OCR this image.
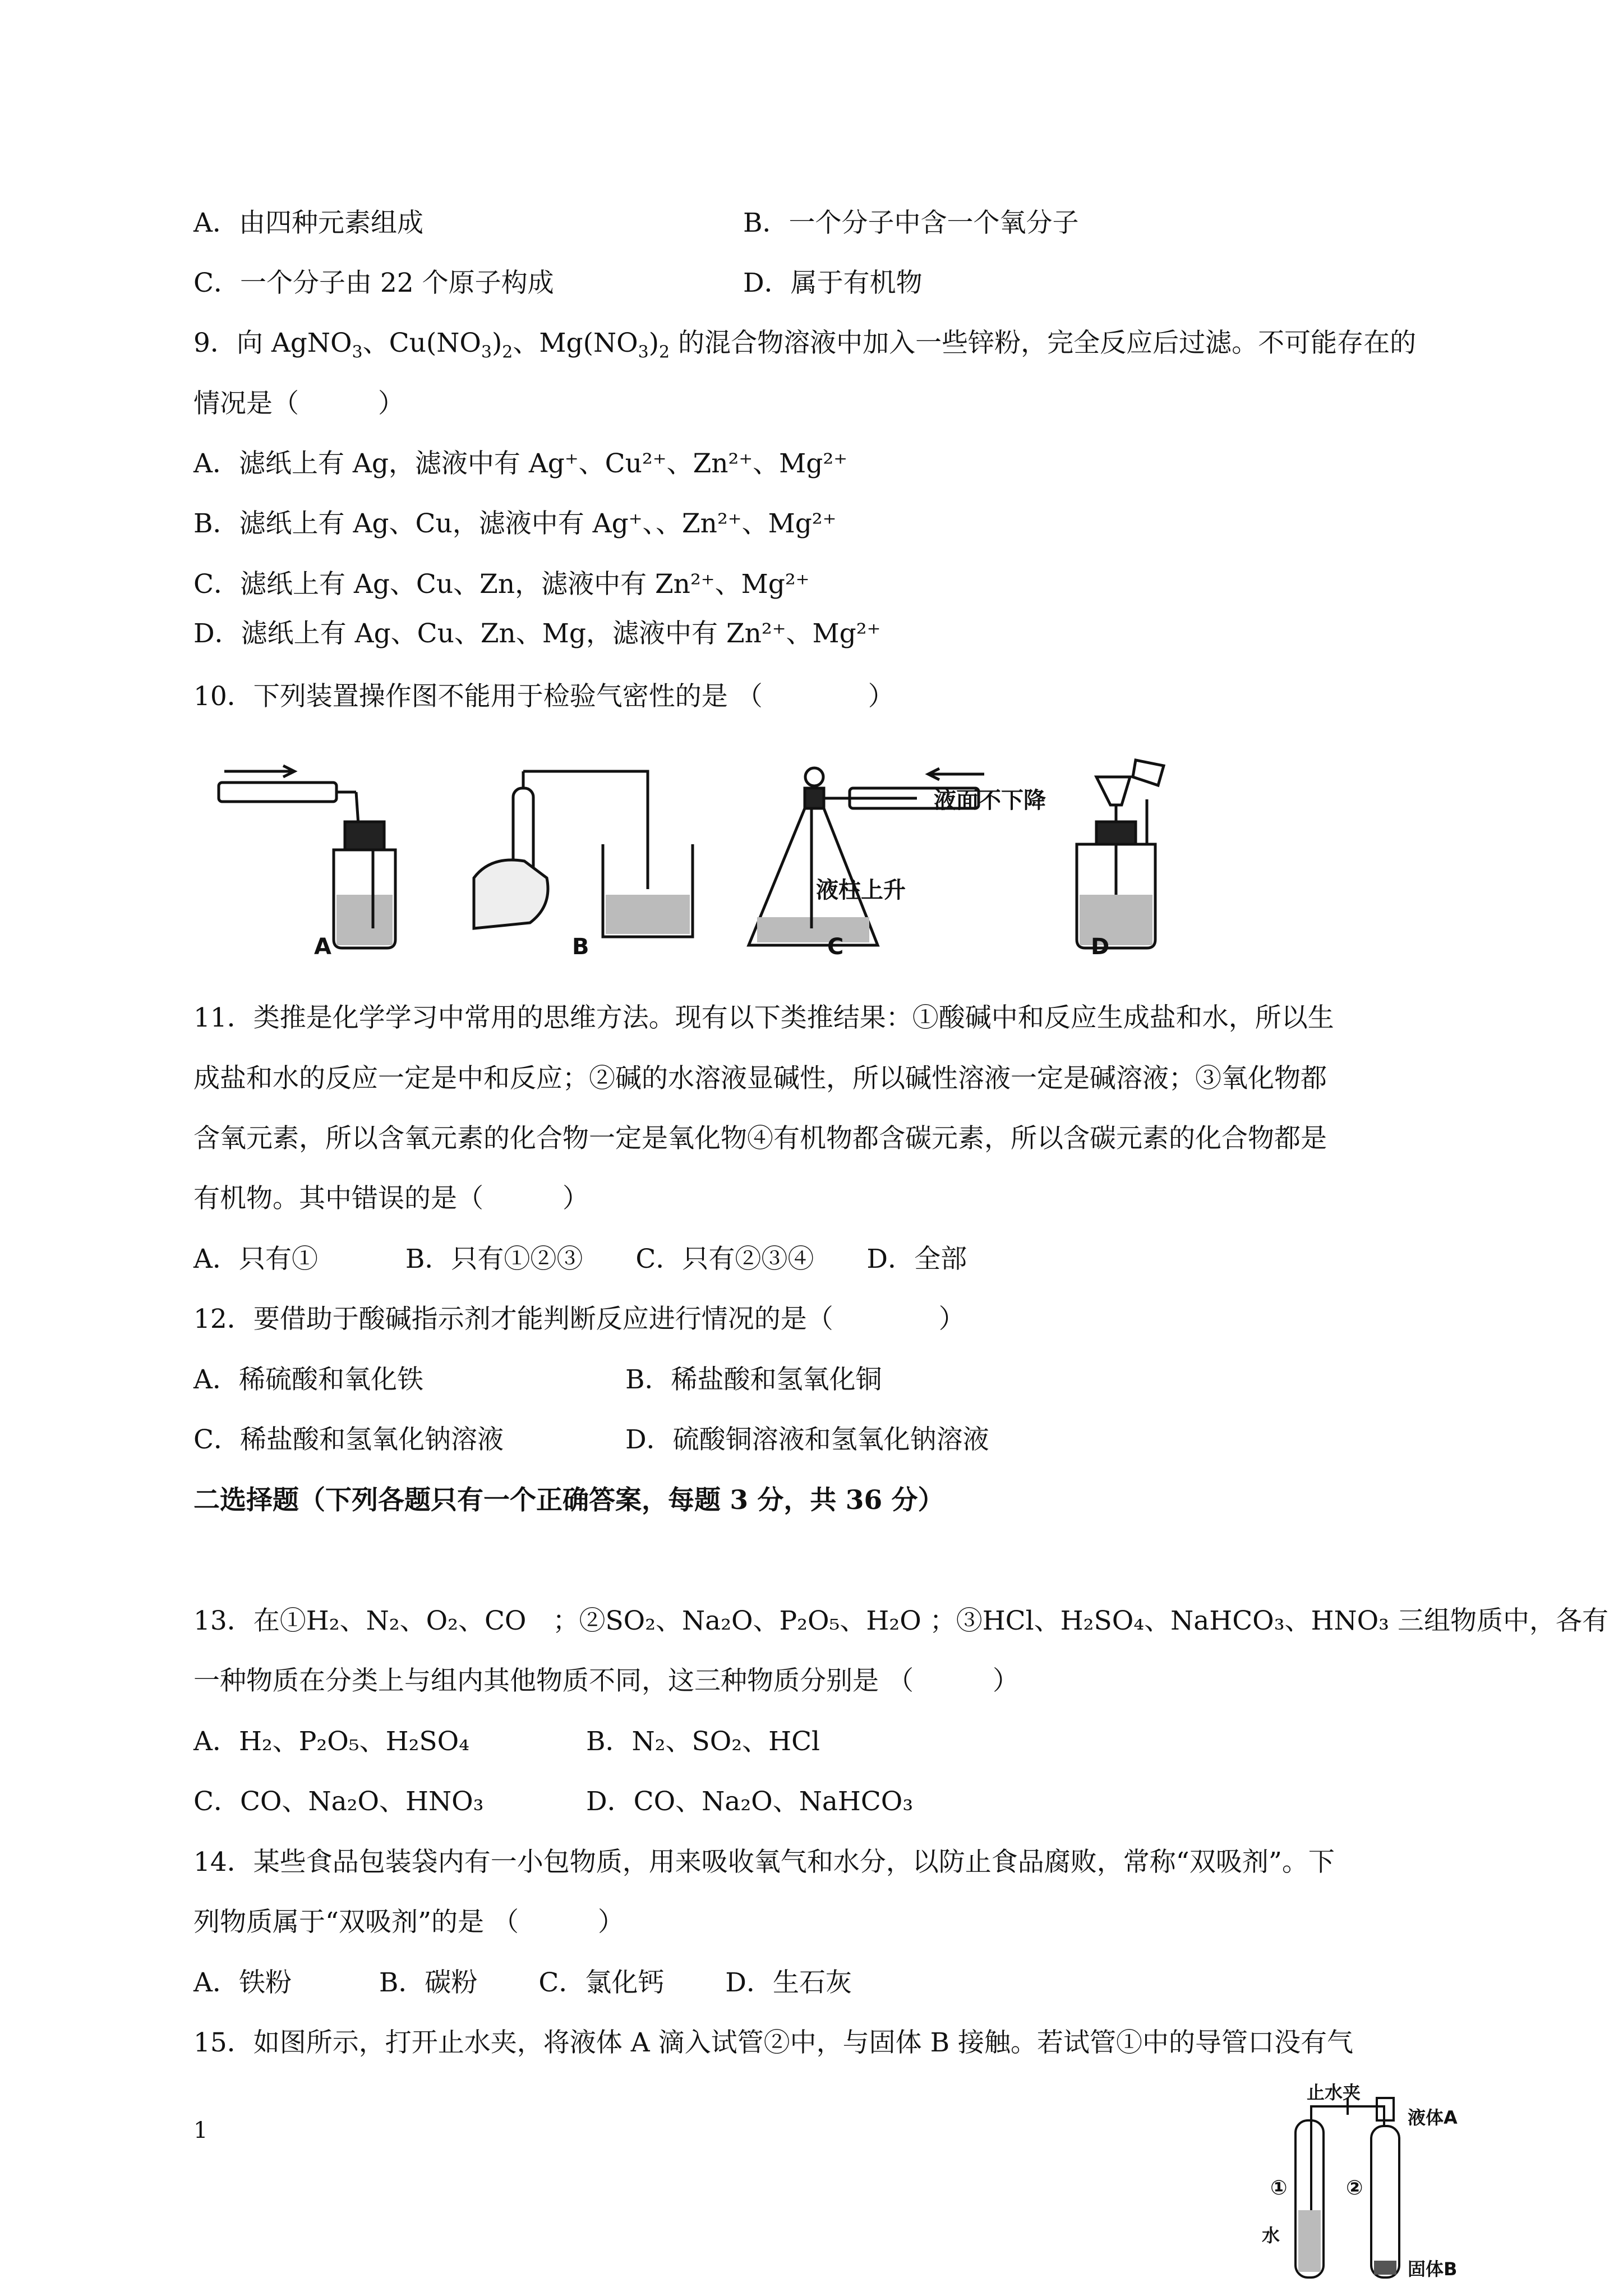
A．由四种元素组成	B．一个分子中含一个氧分子
C．一个分子由 22 个原子构成	D．属于有机物
9．向 AgNO$_3$、$Cu(NO_3)_2$、$Mg(NO_3)_2$ 的混合物溶液中加入一些锌粉，完全反应后过滤。不可能存在的
情况是（　　　）
A．滤纸上有 Ag，滤液中有 Ag⁺、Cu²⁺、Zn²⁺、Mg²⁺
B．滤纸上有 Ag、Cu，滤液中有 Ag⁺、、Zn²⁺、Mg²⁺
C．滤纸上有 Ag、Cu、Zn，滤液中有 Zn²⁺、Mg²⁺
D．滤纸上有 Ag、Cu、Zn、Mg，滤液中有 Zn²⁺、Mg²⁺
10．下列装置操作图不能用于检验气密性的是 （　　　　）
A	B	C	D
液柱上升
液面不下降
11．类推是化学学习中常用的思维方法。现有以下类推结果：①酸碱中和反应生成盐和水，所以生
成盐和水的反应一定是中和反应；②碱的水溶液显碱性，所以碱性溶液一定是碱溶液；③氧化物都
含氧元素，所以含氧元素的化合物一定是氧化物④有机物都含碳元素，所以含碳元素的化合物都是
有机物。其中错误的是（　　　）
A．只有①　　　 B．只有①②③　　C．只有②③④　　D．全部
12．要借助于酸碱指示剂才能判断反应进行情况的是（　　　　）
A．稀硫酸和氧化铁	B．稀盐酸和氢氧化铜
C．稀盐酸和氢氧化钠溶液	D．硫酸铜溶液和氢氧化钠溶液
二选择题（下列各题只有一个正确答案，每题 3 分，共 36 分）
13．在①H₂、N₂、O₂、CO　；②SO₂、Na₂O、P₂O₅、H₂O ；③HCl、H₂SO₄、NaHCO₃、HNO₃ 三组物质中，各有
一种物质在分类上与组内其他物质不同，这三种物质分别是 （　　　）
A．H₂、P₂O₅、H₂SO₄	B．N₂、SO₂、HCl
C．CO、Na₂O、HNO₃	D．CO、Na₂O、NaHCO₃
14．某些食品包装袋内有一小包物质，用来吸收氧气和水分，以防止食品腐败，常称“双吸剂”。下
列物质属于“双吸剂”的是 （　　　）
A．铁粉　　　 B．碳粉　　 C．氯化钙　　 D．生石灰
15．如图所示，打开止水夹，将液体 A 滴入试管②中，与固体 B 接触。若试管①中的导管口没有气
止水夹
液体A
①	②
水
固体B
1
